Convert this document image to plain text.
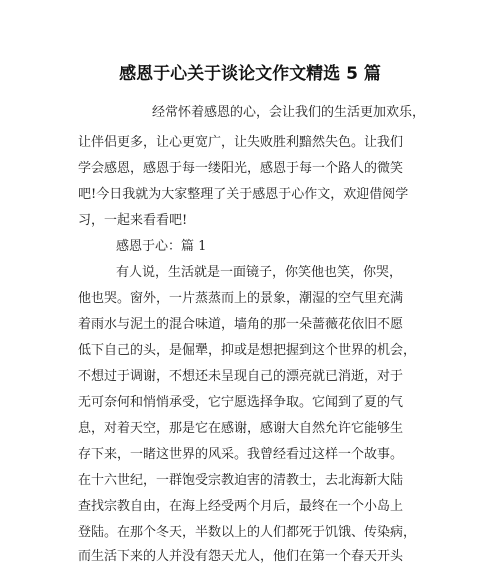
感恩于心关于谈论文作文精选 5 篇
经常怀着感恩的心，会让我们的生活更加欢乐，
让伴侣更多，让心更宽广，让失败胜利黯然失色。让我们
学会感恩，感恩于每一缕阳光，感恩于每一个路人的微笑
吧!今日我就为大家整理了关于感恩于心作文，欢迎借阅学
习，一起来看看吧!
感恩于心：篇 1
有人说，生活就是一面镜子，你笑他也笑，你哭，
他也哭。窗外，一片蒸蒸而上的景象，潮湿的空气里充满
着雨水与泥土的混合味道，墙角的那一朵蔷薇花依旧不愿
低下自己的头，是倔犟，抑或是想把握到这个世界的机会，
不想过于调谢，不想还未呈现自己的漂亮就已消逝，对于
无可奈何和悄悄承受，它宁愿选择争取。它闻到了夏的气
息，对着天空，那是它在感谢，感谢大自然允许它能够生
存下来，一睹这世界的风采。我曾经看过这样一个故事。
在十六世纪，一群饱受宗教迫害的清教士，去北海新大陆
查找宗教自由，在海上经受两个月后，最终在一个小岛上
登陆。在那个冬天，半数以上的人们都死于饥饿、传染病，
而生活下来的人并没有怨天尤人，他们在第一个春天开头
